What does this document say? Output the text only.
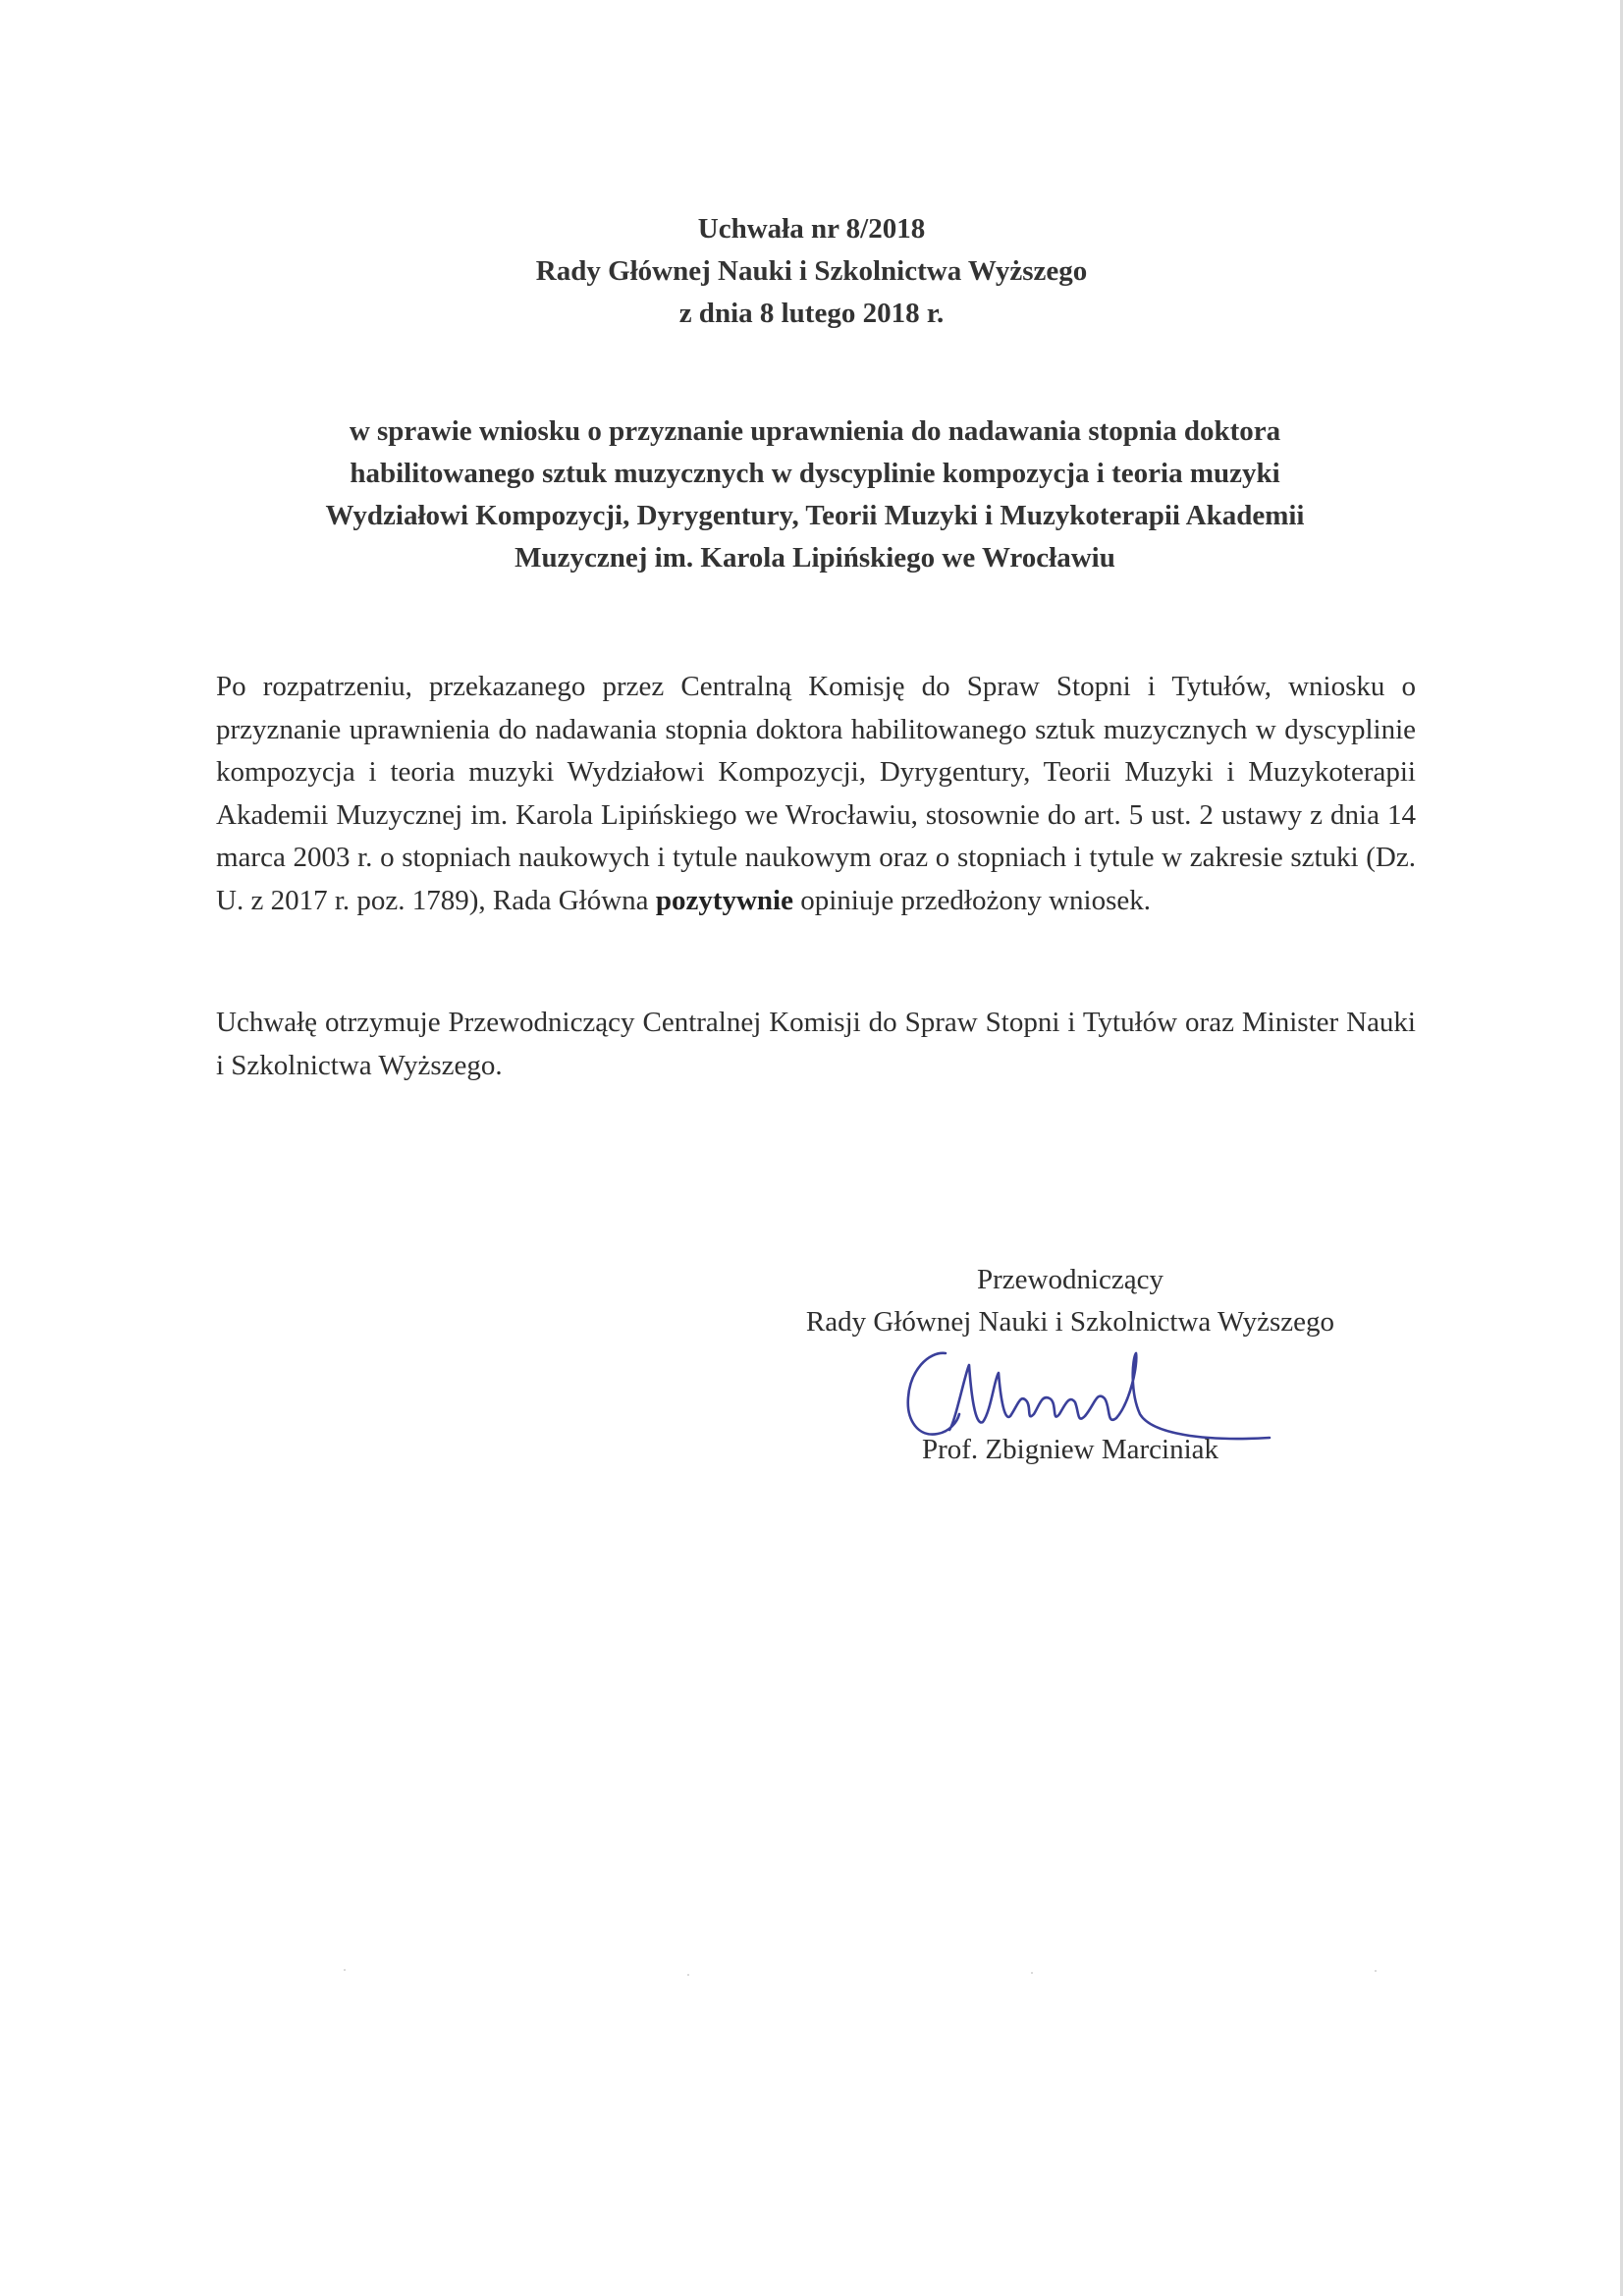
Uchwała nr 8/2018
Rady Głównej Nauki i Szkolnictwa Wyższego
z dnia 8 lutego 2018 r.
w sprawie wniosku o przyznanie uprawnienia do nadawania stopnia doktora
habilitowanego sztuk muzycznych w dyscyplinie kompozycja i teoria muzyki
Wydziałowi Kompozycji, Dyrygentury, Teorii Muzyki i Muzykoterapii Akademii
Muzycznej im. Karola Lipińskiego we Wrocławiu
Po rozpatrzeniu, przekazanego przez Centralną Komisję do Spraw Stopni i Tytułów, wniosku o przyznanie uprawnienia do nadawania stopnia doktora habilitowanego sztuk muzycznych w dyscyplinie kompozycja i teoria muzyki Wydziałowi Kompozycji, Dyrygentury, Teorii Muzyki i Muzykoterapii Akademii Muzycznej im. Karola Lipińskiego we Wrocławiu, stosownie do art. 5 ust. 2 ustawy z dnia 14 marca 2003 r. o stopniach naukowych i tytule naukowym oraz o stopniach i tytule w zakresie sztuki (Dz. U. z 2017 r. poz. 1789), Rada Główna pozytywnie opiniuje przedłożony wniosek.
Uchwałę otrzymuje Przewodniczący Centralnej Komisji do Spraw Stopni i Tytułów oraz Minister Nauki i Szkolnictwa Wyższego.
Przewodniczący
Rady Głównej Nauki i Szkolnictwa Wyższego
Prof. Zbigniew Marciniak
